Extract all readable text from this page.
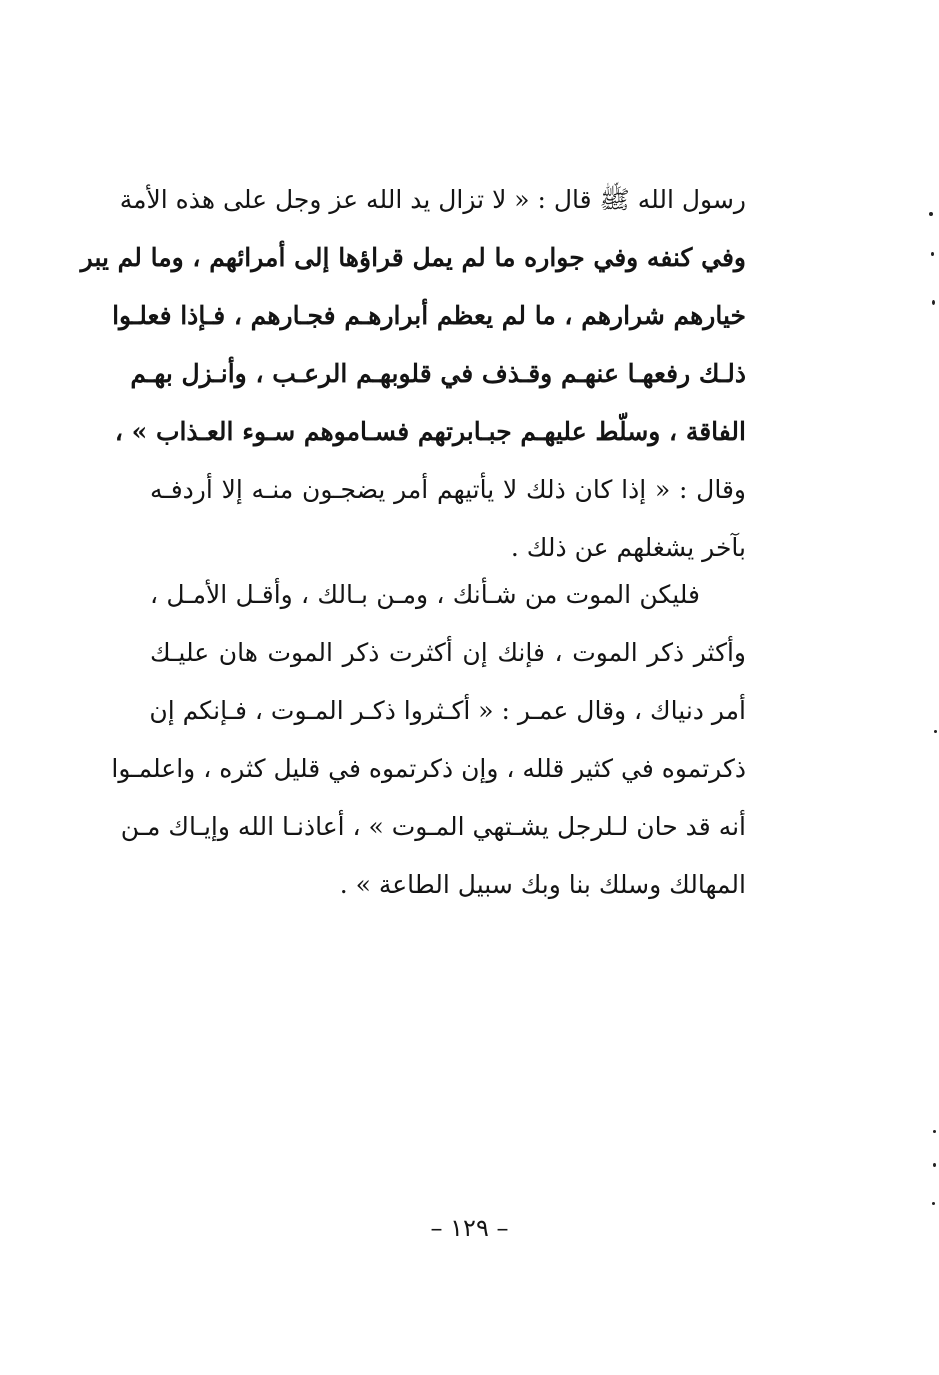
رسول الله ﷺ قال : « لا تزال يد الله عز وجل على هذه الأمة
وفي كنفه وفي جواره ما لم يمل قراؤها إلى أمرائهم ، وما لم يبر
خيارهم شرارهم ، ما لم يعظم أبرارهـم فجـارهم ، فـإذا فعلـوا
ذلـك رفعهـا عنهـم وقـذف في قلوبهـم الرعـب ، وأنـزل بهـم
الفاقة ، وسلّط عليهـم جبـابرتهم فسـاموهم سـوء العـذاب » ،
وقال : « إذا كان ذلك لا يأتيهم أمر يضجـون منـه إلا أردفـه
بآخر يشغلهم عن ذلك .
فليكن الموت من شـأنك ، ومـن بـالك ، وأقـل الأمـل ،
وأكثر ذكر الموت ، فإنك إن أكثرت ذكر الموت هان عليـك
أمر دنياك ، وقال عمـر : « أكـثروا ذكـر المـوت ، فـإنكم إن
ذكرتموه في كثير قلله ، وإن ذكرتموه في قليل كثره ، واعلمـوا
أنه قد حان لـلرجل يشـتهي المـوت » ، أعاذنـا الله وإيـاك مـن
المهالك وسلك بنا وبك سبيل الطاعة » .
– ١٢٩ –
